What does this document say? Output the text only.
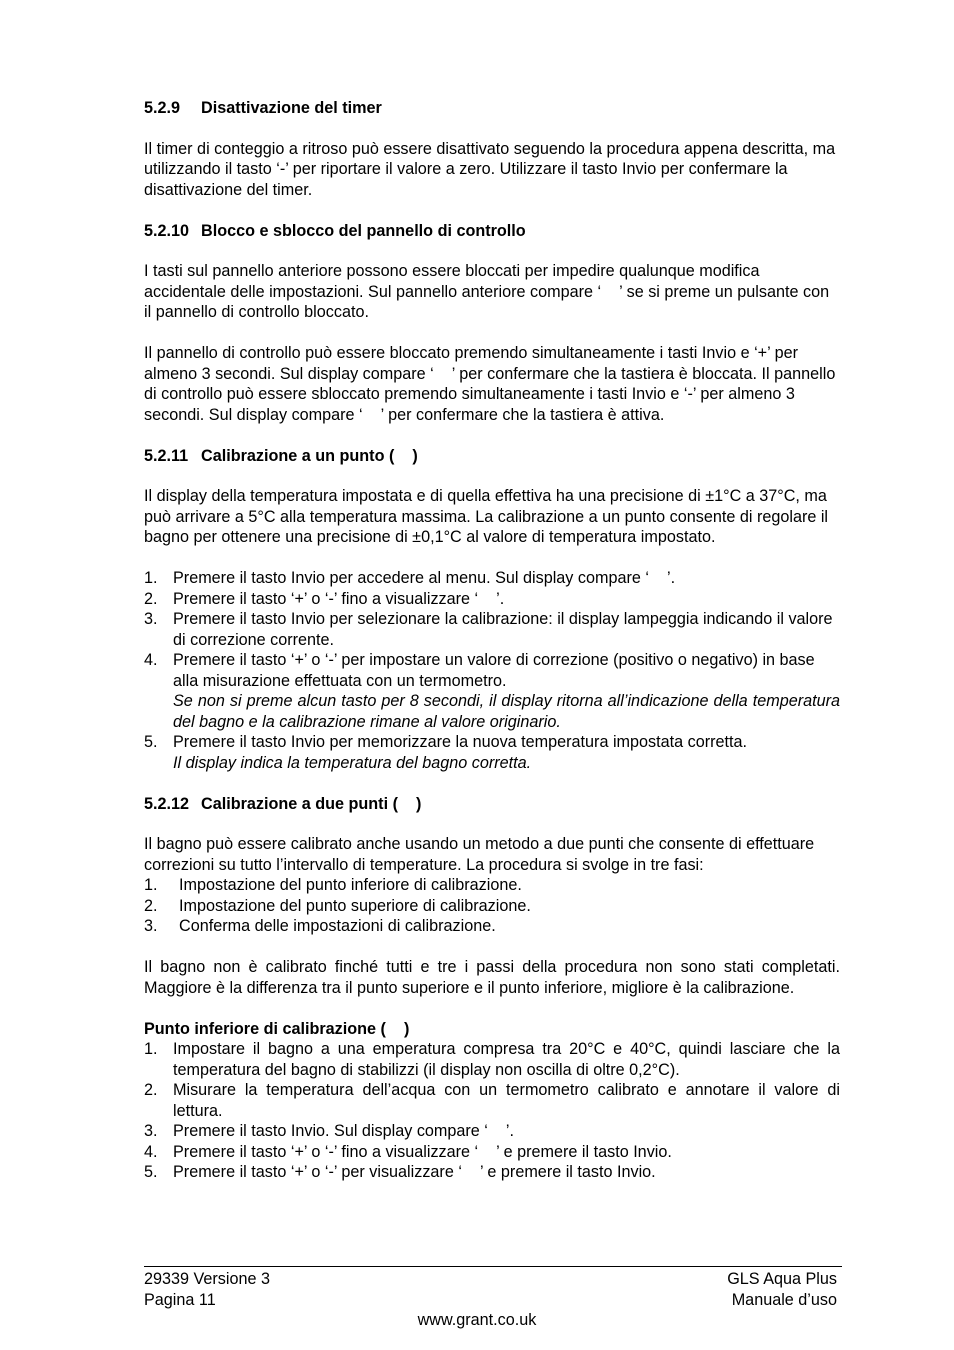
5.2.9 Disattivazione del timer

Il timer di conteggio a ritroso può essere disattivato seguendo la procedura appena descritta, ma utilizzando il tasto ‘-’ per riportare il valore a zero. Utilizzare il tasto Invio per confermare la disattivazione del timer.

5.2.10 Blocco e sblocco del pannello di controllo

I tasti sul pannello anteriore possono essere bloccati per impedire qualunque modifica accidentale delle impostazioni. Sul pannello anteriore compare ‘ ’ se si preme un pulsante con il pannello di controllo bloccato.

Il pannello di controllo può essere bloccato premendo simultaneamente i tasti Invio e ‘+’ per almeno 3 secondi. Sul display compare ‘ ’ per confermare che la tastiera è bloccata. Il pannello di controllo può essere sbloccato premendo simultaneamente i tasti Invio e ‘-’ per almeno 3 secondi. Sul display compare ‘ ’ per confermare che la tastiera è attiva.

5.2.11 Calibrazione a un punto ( )

Il display della temperatura impostata e di quella effettiva ha una precisione di ±1°C a 37°C, ma può arrivare a 5°C alla temperatura massima. La calibrazione a un punto consente di regolare il bagno per ottenere una precisione di ±0,1°C al valore di temperatura impostato.

1. Premere il tasto Invio per accedere al menu. Sul display compare ‘ ’.
2. Premere il tasto ‘+’ o ‘-’ fino a visualizzare ‘ ’.
3. Premere il tasto Invio per selezionare la calibrazione: il display lampeggia indicando il valore di correzione corrente.
4. Premere il tasto ‘+’ o ‘-’ per impostare un valore di correzione (positivo o negativo) in base alla misurazione effettuata con un termometro.
Se non si preme alcun tasto per 8 secondi, il display ritorna all’indicazione della temperatura del bagno e la calibrazione rimane al valore originario.
5. Premere il tasto Invio per memorizzare la nuova temperatura impostata corretta.
Il display indica la temperatura del bagno corretta.
5.2.12 Calibrazione a due punti ( )

Il bagno può essere calibrato anche usando un metodo a due punti che consente di effettuare correzioni su tutto l’intervallo di temperature. La procedura si svolge in tre fasi:

1. Impostazione del punto inferiore di calibrazione.
2. Impostazione del punto superiore di calibrazione.
3. Conferma delle impostazioni di calibrazione.

Il bagno non è calibrato finché tutti e tre i passi della procedura non sono stati completati. Maggiore è la differenza tra il punto superiore e il punto inferiore, migliore è la calibrazione.

Punto inferiore di calibrazione ( )
1. Impostare il bagno a una emperatura compresa tra 20°C e 40°C, quindi lasciare che la temperatura del bagno di stabilizzi (il display non oscilla di oltre 0,2°C).
2. Misurare la temperatura dell’acqua con un termometro calibrato e annotare il valore di lettura.
3. Premere il tasto Invio. Sul display compare ‘ ’.
4. Premere il tasto ‘+’ o ‘-’ fino a visualizzare ‘ ’ e premere il tasto Invio.
5. Premere il tasto ‘+’ o ‘-’ per visualizzare ‘ ’ e premere il tasto Invio.
29339 Versione 3
Pagina 11
GLS Aqua Plus
Manuale d’uso
www.grant.co.uk
